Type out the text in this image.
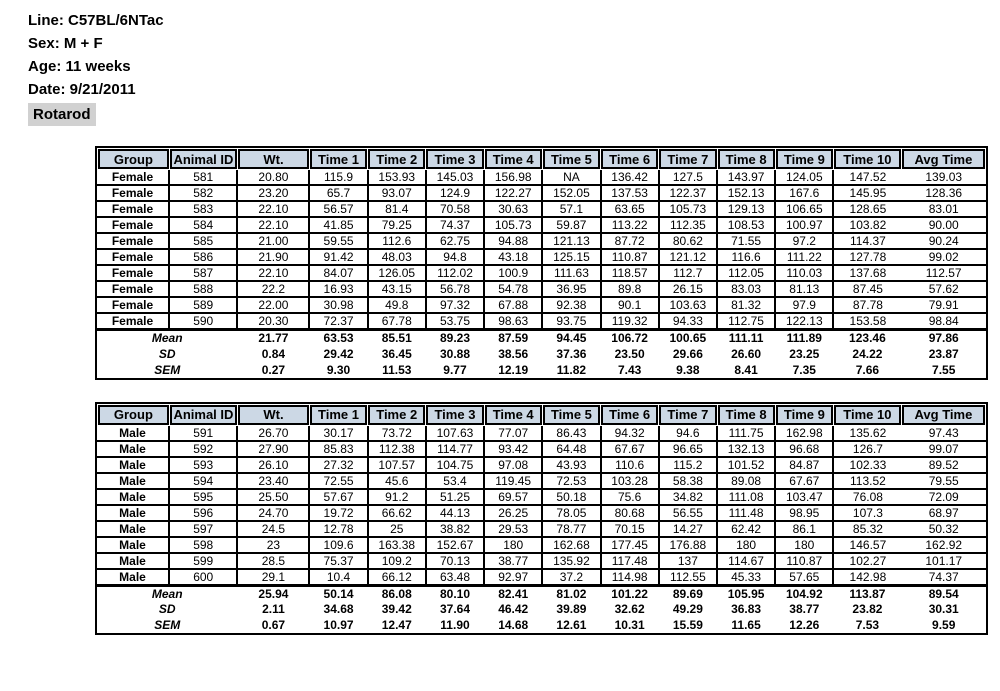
Line: C57BL/6NTac
Sex: M + F
Age: 11 weeks
Date: 9/21/2011
Rotarod
Group	Animal ID	Wt.	Time 1	Time 2	Time 3	Time 4	Time 5	Time 6	Time 7	Time 8	Time 9	Time 10	Avg Time
Female	581	20.80	115.9	153.93	145.03	156.98	NA	136.42	127.5	143.97	124.05	147.52	139.03
Female	582	23.20	65.7	93.07	124.9	122.27	152.05	137.53	122.37	152.13	167.6	145.95	128.36
Female	583	22.10	56.57	81.4	70.58	30.63	57.1	63.65	105.73	129.13	106.65	128.65	83.01
Female	584	22.10	41.85	79.25	74.37	105.73	59.87	113.22	112.35	108.53	100.97	103.82	90.00
Female	585	21.00	59.55	112.6	62.75	94.88	121.13	87.72	80.62	71.55	97.2	114.37	90.24
Female	586	21.90	91.42	48.03	94.8	43.18	125.15	110.87	121.12	116.6	111.22	127.78	99.02
Female	587	22.10	84.07	126.05	112.02	100.9	111.63	118.57	112.7	112.05	110.03	137.68	112.57
Female	588	22.2	16.93	43.15	56.78	54.78	36.95	89.8	26.15	83.03	81.13	87.45	57.62
Female	589	22.00	30.98	49.8	97.32	67.88	92.38	90.1	103.63	81.32	97.9	87.78	79.91
Female	590	20.30	72.37	67.78	53.75	98.63	93.75	119.32	94.33	112.75	122.13	153.58	98.84
Mean		21.77	63.53	85.51	89.23	87.59	94.45	106.72	100.65	111.11	111.89	123.46	97.86
SD		0.84	29.42	36.45	30.88	38.56	37.36	23.50	29.66	26.60	23.25	24.22	23.87
SEM		0.27	9.30	11.53	9.77	12.19	11.82	7.43	9.38	8.41	7.35	7.66	7.55
Group	Animal ID	Wt.	Time 1	Time 2	Time 3	Time 4	Time 5	Time 6	Time 7	Time 8	Time 9	Time 10	Avg Time
Male	591	26.70	30.17	73.72	107.63	77.07	86.43	94.32	94.6	111.75	162.98	135.62	97.43
Male	592	27.90	85.83	112.38	114.77	93.42	64.48	67.67	96.65	132.13	96.68	126.7	99.07
Male	593	26.10	27.32	107.57	104.75	97.08	43.93	110.6	115.2	101.52	84.87	102.33	89.52
Male	594	23.40	72.55	45.6	53.4	119.45	72.53	103.28	58.38	89.08	67.67	113.52	79.55
Male	595	25.50	57.67	91.2	51.25	69.57	50.18	75.6	34.82	111.08	103.47	76.08	72.09
Male	596	24.70	19.72	66.62	44.13	26.25	78.05	80.68	56.55	111.48	98.95	107.3	68.97
Male	597	24.5	12.78	25	38.82	29.53	78.77	70.15	14.27	62.42	86.1	85.32	50.32
Male	598	23	109.6	163.38	152.67	180	162.68	177.45	176.88	180	180	146.57	162.92
Male	599	28.5	75.37	109.2	70.13	38.77	135.92	117.48	137	114.67	110.87	102.27	101.17
Male	600	29.1	10.4	66.12	63.48	92.97	37.2	114.98	112.55	45.33	57.65	142.98	74.37
Mean		25.94	50.14	86.08	80.10	82.41	81.02	101.22	89.69	105.95	104.92	113.87	89.54
SD		2.11	34.68	39.42	37.64	46.42	39.89	32.62	49.29	36.83	38.77	23.82	30.31
SEM		0.67	10.97	12.47	11.90	14.68	12.61	10.31	15.59	11.65	12.26	7.53	9.59
